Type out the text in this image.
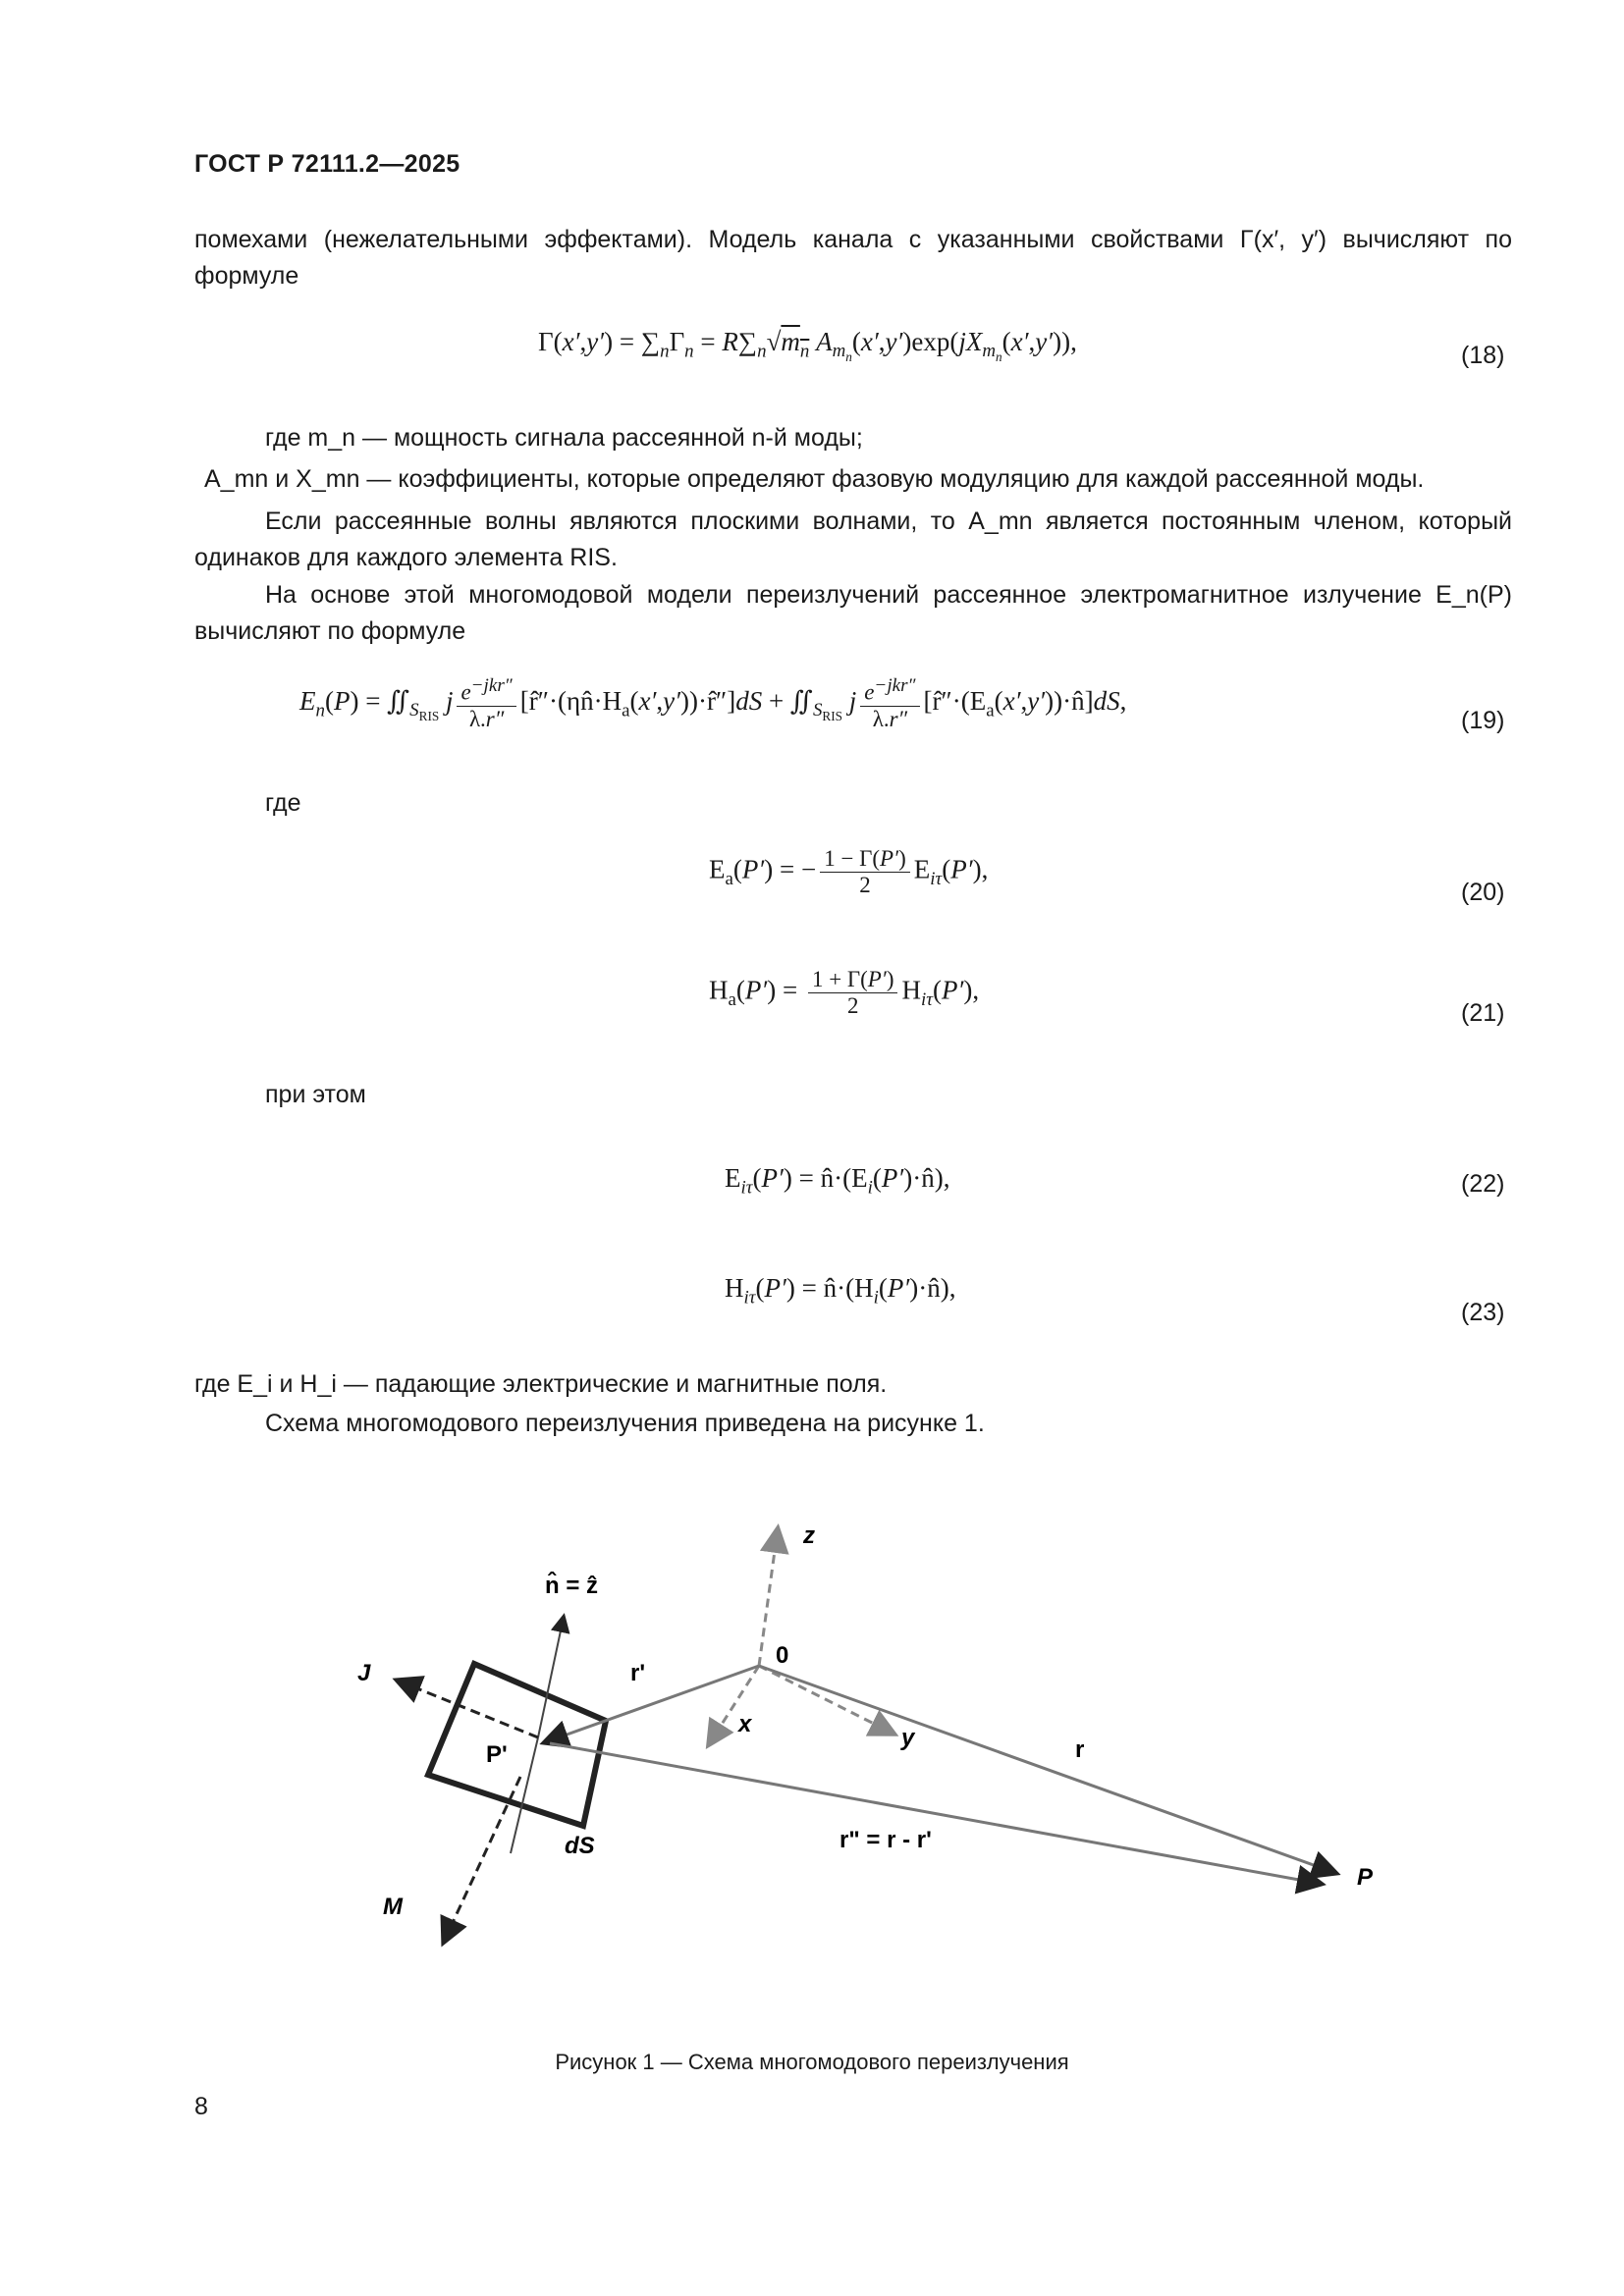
ГОСТ Р 72111.2—2025
помехами (нежелательными эффектами). Модель канала с указанными свойствами Γ(x′, y′) вычисляют по формуле
$\Gamma(x',y') = \sum_n\Gamma_n = R\sum_n√m_n$ $A_{m_n}(x',y')\exp(jX_{m_n}(x',y'))$,	(18)
где m_n — мощность сигнала рассеянной n-й моды;
A_mn и X_mn — коэффициенты, которые определяют фазовую модуляцию для каждой рассеянной моды.
Если рассеянные волны являются плоскими волнами, то A_mn является постоянным членом, который одинаков для каждого элемента RIS.
На основе этой многомодовой модели переизлучений рассеянное электромагнитное излучение E_n(P) вычисляют по формуле
$E_n(P)$ = $∬_{S_{RIS}}$ j $\frac{e^{-jkr''}}{\lambda.r''}$ $[r̂''\cdot(\eta n̂\cdot H_a(x',y'))\cdot r̂'']dS$ + $∬_{S_{RIS}}$ j $\frac{e^{-jkr''}}{\lambda.r''}$ $[r̂''\cdot(E_a(x',y'))\cdot n̂]dS$,
(19)
где
$E_a(P')$ = − $\frac{1 - \Gamma(P')}{2} E_{i\tau}(P')$,
(20)
$H_a(P') = \frac{1 + \Gamma(P')}{2} H_{i\tau}(P')$,
(21)
при этом
$E_{i\tau}(P')$ = $n̂\cdot(E_i(P')\cdot n̂)$,	(22)
$H_{i\tau}(P')$ = $n̂\cdot(H_i(P')\cdot n̂)$,
(23)
где E_i и H_i — падающие электрические и магнитные поля.
Схема многомодового переизлучения приведена на рисунке 1.
n̂ = ẑ
z
0
J	r'
x
y	r
P'
dS	r" = r - r'
M
P
Рисунок 1 — Схема многомодового переизлучения
8
